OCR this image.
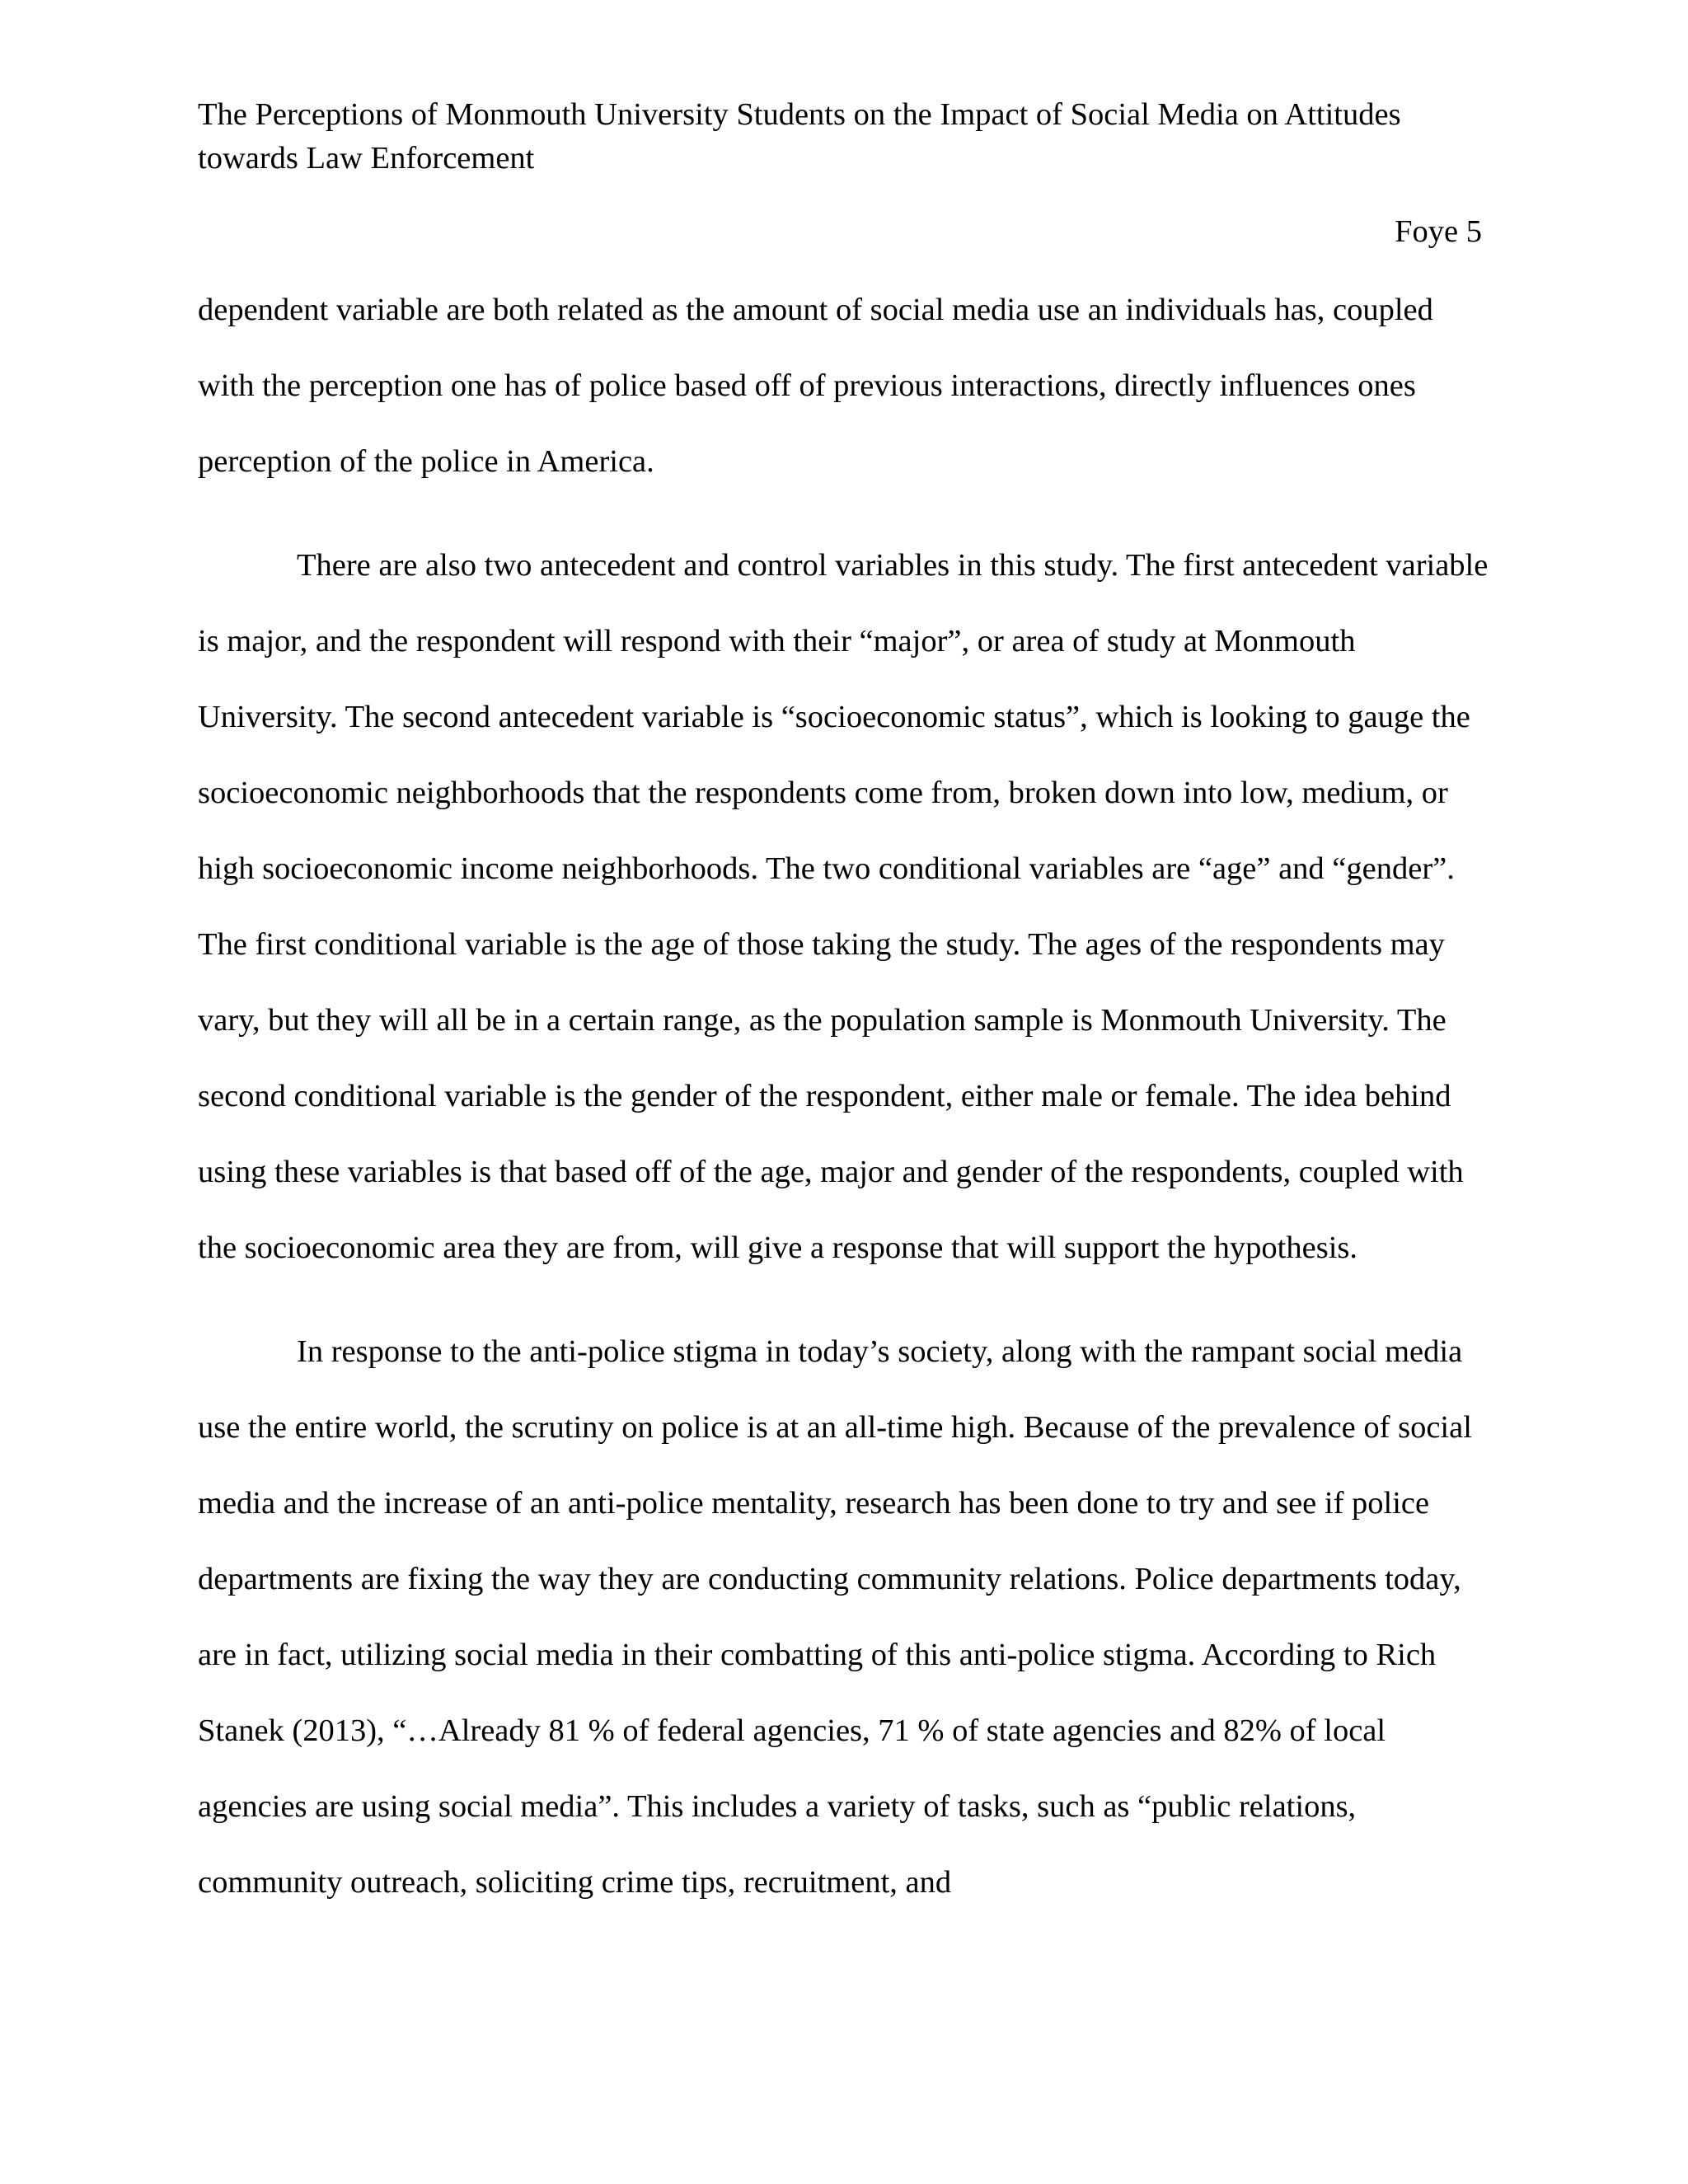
The Perceptions of Monmouth University Students on the Impact of Social Media on Attitudes towards Law Enforcement

Foye 5

dependent variable are both related as the amount of social media use an individuals has, coupled with the perception one has of police based off of previous interactions, directly influences ones perception of the police in America.

There are also two antecedent and control variables in this study. The first antecedent variable is major, and the respondent will respond with their “major”, or area of study at Monmouth University. The second antecedent variable is “socioeconomic status”, which is looking to gauge the socioeconomic neighborhoods that the respondents come from, broken down into low, medium, or high socioeconomic income neighborhoods. The two conditional variables are “age” and “gender”. The first conditional variable is the age of those taking the study. The ages of the respondents may vary, but they will all be in a certain range, as the population sample is Monmouth University. The second conditional variable is the gender of the respondent, either male or female. The idea behind using these variables is that based off of the age, major and gender of the respondents, coupled with the socioeconomic area they are from, will give a response that will support the hypothesis.

In response to the anti-police stigma in today’s society, along with the rampant social media use the entire world, the scrutiny on police is at an all-time high. Because of the prevalence of social media and the increase of an anti-police mentality, research has been done to try and see if police departments are fixing the way they are conducting community relations. Police departments today, are in fact, utilizing social media in their combatting of this anti-police stigma. According to Rich Stanek (2013), “…Already 81 % of federal agencies, 71 % of state agencies and 82% of local agencies are using social media”. This includes a variety of tasks, such as “public relations, community outreach, soliciting crime tips, recruitment, and
